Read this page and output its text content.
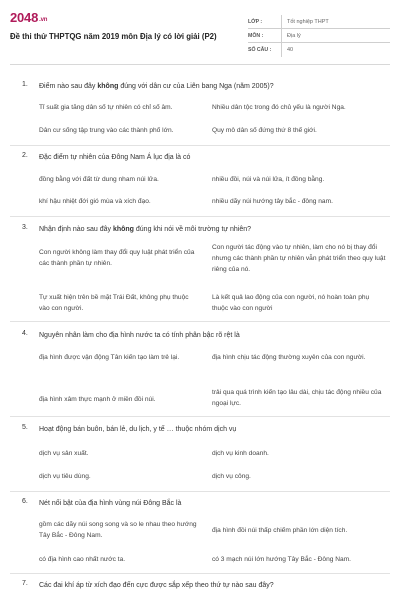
2048.vn
Đề thi thử THPTQG năm 2019 môn Địa lý có lời giải (P2)
LỚP :	Tốt nghiệp THPT
MÔN :	Địa lý
SỐ CÂU :	40
1. Điểm nào sau đây không đúng với dân cư của Liên bang Nga (năm 2005)?
Tỉ suất gia tăng dân số tự nhiên có chỉ số âm.	Nhiều dân tộc trong đó chủ yếu là người Nga.
Dân cư sống tập trung vào các thành phố lớn.	Quy mô dân số đứng thứ 8 thế giới.
2. Đặc điểm tự nhiên của Đông Nam Á lục địa là có
đồng bằng với đất từ dung nham núi lửa.	nhiều đồi, núi và núi lửa, ít đồng bằng.
khí hậu nhiệt đới gió mùa và xích đạo.	nhiều dãy núi hướng tây bắc - đông nam.
3. Nhận định nào sau đây không đúng khi nói về môi trường tự nhiên?
Con người không làm thay đổi quy luật phát triển của các thành phần tự nhiên.
Con người tác động vào tự nhiên, làm cho nó bị thay đổi nhưng các thành phần tự nhiên vẫn phát triển theo quy luật riêng của nó.
Tự xuất hiện trên bề mặt Trái Đất, không phụ thuộc vào con người.
Là kết quả lao động của con người, nó hoàn toàn phụ thuộc vào con người
4. Nguyên nhân làm cho địa hình nước ta có tính phân bậc rõ rệt là
địa hình được vận động Tân kiến tạo làm trẻ lại.	địa hình chịu tác động thường xuyên của con người.
địa hình xâm thực mạnh ở miền đồi núi.
trải qua quá trình kiến tạo lâu dài, chịu tác động nhiều của ngoại lực.
5. Hoạt động bán buôn, bán lẻ, du lịch, y tế … thuộc nhóm dịch vụ
dịch vụ sản xuất.	dịch vụ kinh doanh.
dịch vụ tiêu dùng.	dịch vụ công.
6. Nét nổi bật của địa hình vùng núi Đông Bắc là
gồm các dãy núi song song và so le nhau theo hướng Tây Bắc - Đông Nam.
địa hình đồi núi thấp chiếm phần lớn diện tích.
có địa hình cao nhất nước ta.	có 3 mạch núi lớn hướng Tây Bắc - Đông Nam.
7. Các đai khí áp từ xích đạo đến cực được sắp xếp theo thứ tự nào sau đây?
